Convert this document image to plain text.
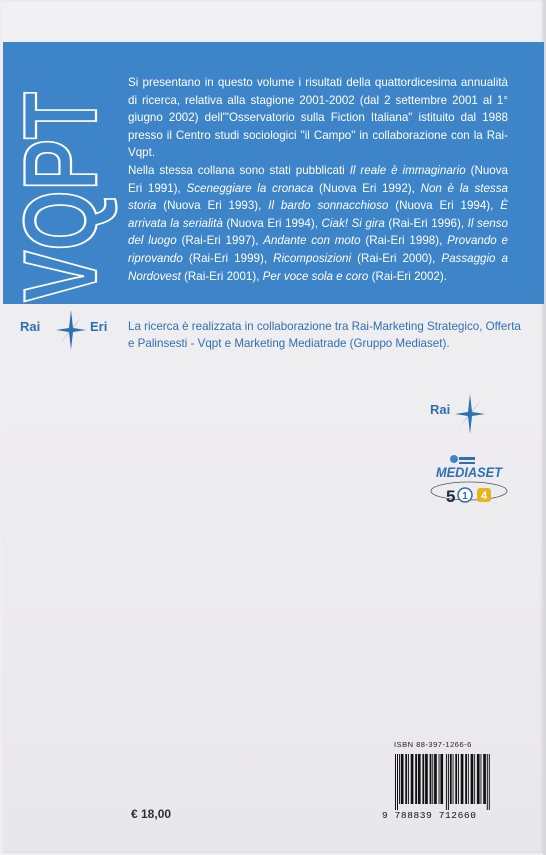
VQPT Si presentano in questo volume i risultati della quattordicesima annualità di ricerca, relativa alla stagione 2001-2002 (dal 2 settembre 2001 al 1° giugno 2002) dell'"Osservatorio sulla Fiction Italiana" istituito dal 1988 presso il Centro studi sociologici "il Campo" in collaborazione con la Rai-Vqpt.

Nella stessa collana sono stati pubblicati Il reale è immaginario (Nuova Eri 1991), Sceneggiare la cronaca (Nuova Eri 1992), Non è la stessa storia (Nuova Eri 1993), Il bardo sonnacchioso (Nuova Eri 1994), È arrivata la serialità (Nuova Eri 1994), Ciak! Si gira (Rai-Eri 1996), Il senso del luogo (Rai-Eri 1997), Andante con moto (Rai-Eri 1998), Provando e riprovando (Rai-Eri 1999), Ricomposizioni (Rai-Eri 2000), Passaggio a Nordovest (Rai-Eri 2001), Per voce sola e coro (Rai-Eri 2002).

Rai	Eri La ricerca è realizzata in collaborazione tra Rai-Marketing Strategico, Offerta e Palinsesti - Vqpt e Marketing Mediatrade (Gruppo Mediaset).
Rai
MEDIASET
5 1 4
ISBN 88-397-1266-6
9 788839 712660
€ 18,00
